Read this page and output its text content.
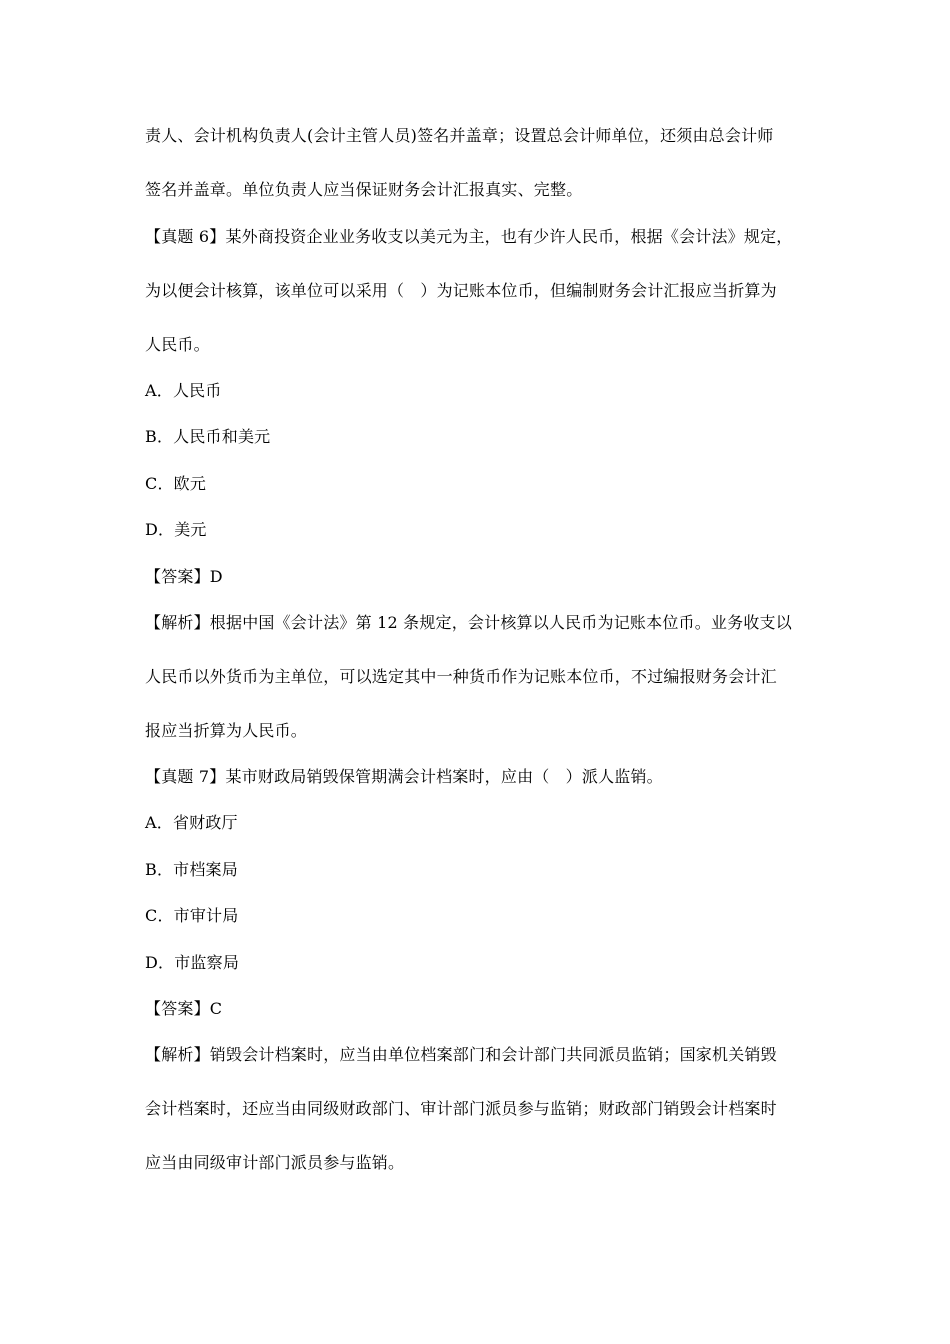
责人、会计机构负责人(会计主管人员)签名并盖章；设置总会计师单位，还须由总会计师
签名并盖章。单位负责人应当保证财务会计汇报真实、完整。
【真题 6】某外商投资企业业务收支以美元为主，也有少许人民币，根据《会计法》规定，
为以便会计核算，该单位可以采用（　）为记账本位币，但编制财务会计汇报应当折算为
人民币。
A．人民币
B．人民币和美元
C．欧元
D．美元
【答案】D
【解析】根据中国《会计法》第 12 条规定，会计核算以人民币为记账本位币。业务收支以
人民币以外货币为主单位，可以选定其中一种货币作为记账本位币，不过编报财务会计汇
报应当折算为人民币。
【真题 7】某市财政局销毁保管期满会计档案时，应由（　）派人监销。
A．省财政厅
B．市档案局
C．市审计局
D．市监察局
【答案】C
【解析】销毁会计档案时，应当由单位档案部门和会计部门共同派员监销；国家机关销毁
会计档案时，还应当由同级财政部门、审计部门派员参与监销；财政部门销毁会计档案时
应当由同级审计部门派员参与监销。
